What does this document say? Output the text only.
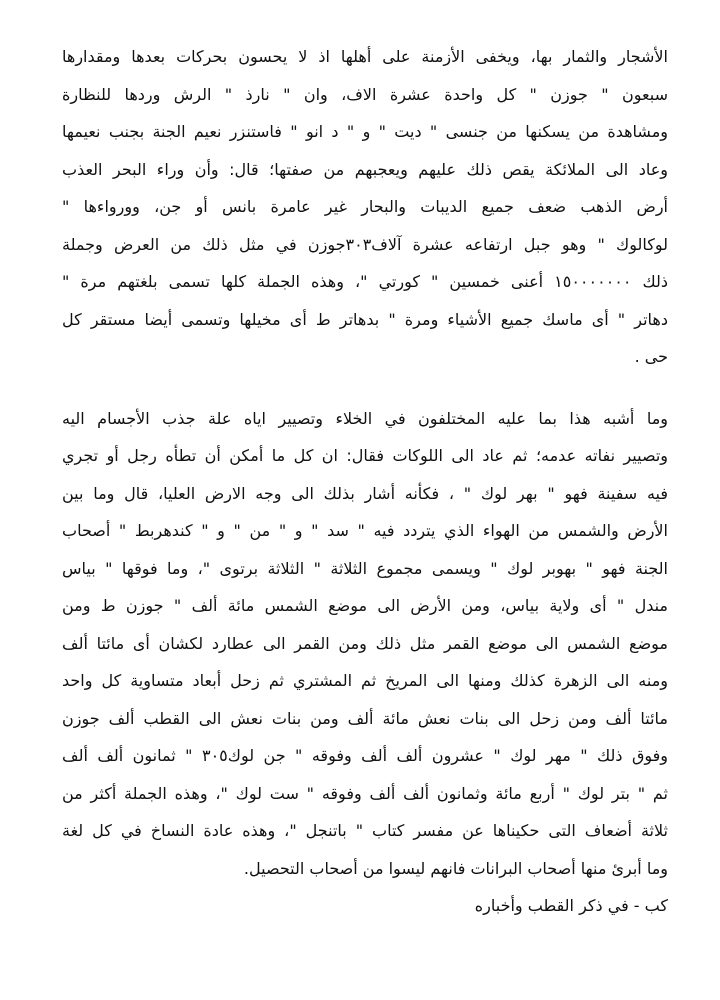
الأشجار والثمار بها، ويخفى الأزمنة على أهلها اذ لا يحسون بحركات بعدها ومقدارها
سبعون " جوزن " كل واحدة عشرة الاف، وان " نارذ " الرش وردها للنظارة
ومشاهدة من يسكنها من جنسى " ديت " و " د انو " فاستنزر نعيم الجنة بجنب نعيمها
وعاد الى الملائكة يقص ذلك عليهم ويعجبهم من صفتها؛ قال: وأن وراء البحر العذب
أرض الذهب ضعف جميع الديبات والبحار غير عامرة بانس أو جن، وورواءها "
لوكالوك " وهو جبل ارتفاعه عشرة آلاف٣٠٣جوزن في مثل ذلك من العرض وجملة
ذلك ١٥٠٠٠٠٠٠٠ أعنى خمسين " كورتي "، وهذه الجملة كلها تسمى بلغتهم مرة "
دهاتر " أى ماسك جميع الأشياء ومرة " بدهاتر ط أى مخيلها وتسمى أيضا مستقر كل
حى .
وما أشبه هذا بما عليه المختلفون في الخلاء وتصيير اياه علة جذب الأجسام اليه
وتصيير نفاته عدمه؛ ثم عاد الى اللوكات فقال: ان كل ما أمكن أن تطأه رجل أو تجري
فيه سفينة فهو " بهر لوك " ، فكأنه أشار بذلك الى وجه الارض العليا، قال وما بين
الأرض والشمس من الهواء الذي يتردد فيه " سد " و " من " و " كندهربط " أصحاب
الجنة فهو " بهوبر لوك " ويسمى مجموع الثلاثة " الثلاثة برتوى "، وما فوقها " بياس
مندل " أى ولاية بياس، ومن الأرض الى موضع الشمس مائة ألف " جوزن ط ومن
موضع الشمس الى موضع القمر مثل ذلك ومن القمر الى عطارد لكشان أى مائتا ألف
ومنه الى الزهرة كذلك ومنها الى المريخ ثم المشتري ثم زحل أبعاد متساوية كل واحد
مائتا ألف ومن زحل الى بنات نعش مائة ألف ومن بنات نعش الى القطب ألف جوزن
وفوق ذلك " مهر لوك " عشرون ألف ألف وفوقه " جن لوك٣٠٥ " ثمانون ألف ألف
ثم " بتر لوك " أربع مائة وثمانون ألف ألف وفوقه " ست لوك "، وهذه الجملة أكثر من
ثلاثة أضعاف التى حكيناها عن مفسر كتاب " باتنجل "، وهذه عادة النساخ في كل لغة
وما أبرئ منها أصحاب البرانات فانهم ليسوا من أصحاب التحصيل.
كب - في ذكر القطب وأخباره
